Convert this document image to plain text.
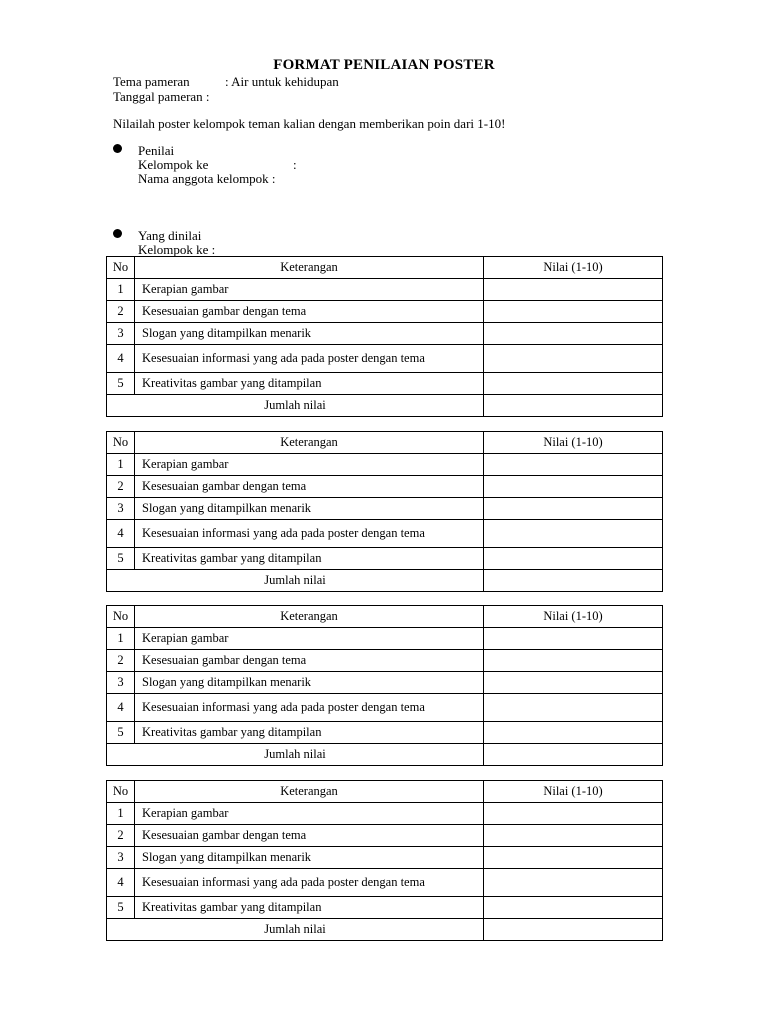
FORMAT PENILAIAN POSTER
Tema pameran	: Air untuk kehidupan
Tanggal pameran :
Nilailah poster kelompok teman kalian dengan memberikan poin dari 1-10!
Penilai
Kelompok ke	:
Nama anggota kelompok :
Yang dinilai
Kelompok ke :
No	Keterangan	Nilai (1-10)
1	Kerapian gambar	
2	Kesesuaian gambar dengan tema	
3	Slogan yang ditampilkan menarik	
4	Kesesuaian informasi yang ada pada poster dengan tema	
5	Kreativitas gambar yang ditampilan	
Jumlah nilai		
No	Keterangan	Nilai (1-10)
1	Kerapian gambar	
2	Kesesuaian gambar dengan tema	
3	Slogan yang ditampilkan menarik	
4	Kesesuaian informasi yang ada pada poster dengan tema	
5	Kreativitas gambar yang ditampilan	
Jumlah nilai		
No	Keterangan	Nilai (1-10)
1	Kerapian gambar	
2	Kesesuaian gambar dengan tema	
3	Slogan yang ditampilkan menarik	
4	Kesesuaian informasi yang ada pada poster dengan tema	
5	Kreativitas gambar yang ditampilan	
Jumlah nilai		
No	Keterangan	Nilai (1-10)
1	Kerapian gambar	
2	Kesesuaian gambar dengan tema	
3	Slogan yang ditampilkan menarik	
4	Kesesuaian informasi yang ada pada poster dengan tema	
5	Kreativitas gambar yang ditampilan	
Jumlah nilai		
